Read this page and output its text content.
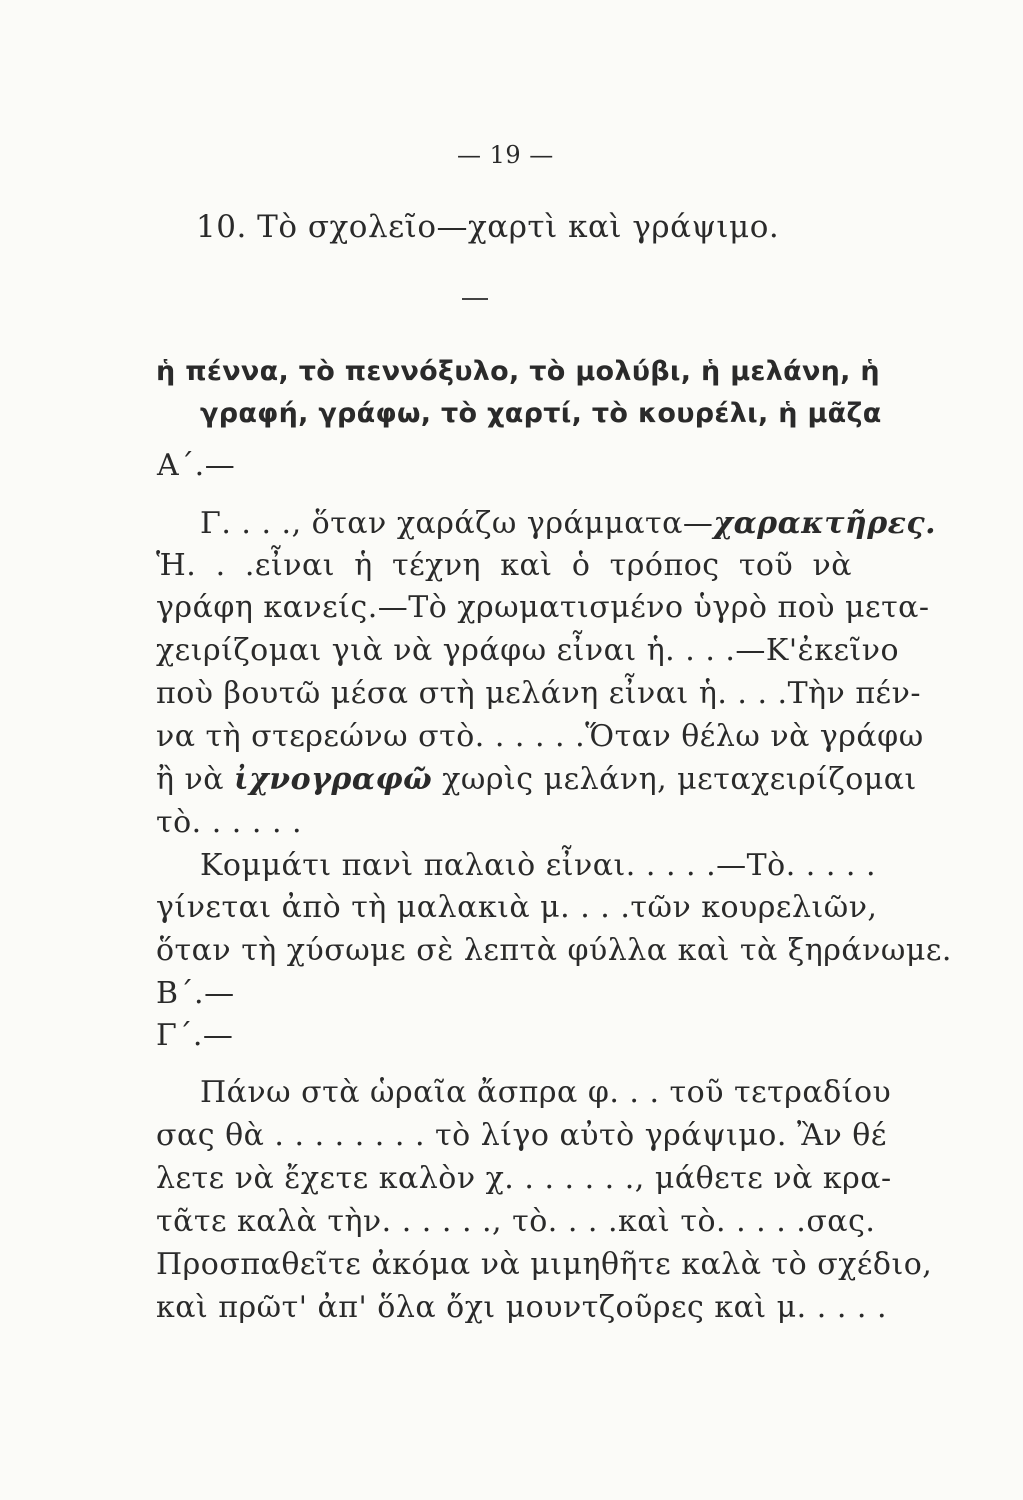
— 19 —
10. Τὸ σχολεῖο—χαρτὶ καὶ γράψιμο.
ἡ πέννα, τὸ πεννόξυλο, τὸ μολύβι, ἡ μελάνη, ἡ
γραφή, γράφω, τὸ χαρτί, τὸ κουρέλι, ἡ μᾶζα
Α΄.—
Γ. . . ., ὅταν χαράζω γράμματα—χαρακτῆρες.
Ἡ. . .εἶναι ἡ τέχνη καὶ ὁ τρόπος τοῦ νὰ
γράφη κανείς.—Τὸ χρωματισμένο ὑγρὸ ποὺ μετα-
χειρίζομαι γιὰ νὰ γράφω εἶναι ἡ. . . .—Κ'ἐκεῖνο
ποὺ βουτῶ μέσα στὴ μελάνη εἶναι ἡ. . . .Τὴν πέν-
να τὴ στερεώνω στὸ. . . . . .Ὅταν θέλω νὰ γράφω
ἢ νὰ ἰχνογραφῶ χωρὶς μελάνη, μεταχειρίζομαι
τὸ. . . . . .
Κομμάτι πανὶ παλαιὸ εἶναι. . . . .—Τὸ. . . . .
γίνεται ἀπὸ τὴ μαλακιὰ μ. . . .τῶν κουρελιῶν,
ὅταν τὴ χύσωμε σὲ λεπτὰ φύλλα καὶ τὰ ξηράνωμε.
Β΄.—
Γ΄.—
Πάνω στὰ ὡραῖα ἄσπρα φ. . . τοῦ τετραδίου
σας θὰ . . . . . . . . τὸ λίγο αὐτὸ γράψιμο. Ἂν θέ
λετε νὰ ἔχετε καλὸν χ. . . . . . ., μάθετε νὰ κρα-
τᾶτε καλὰ τὴν. . . . . ., τὸ. . . .καὶ τὸ. . . . .σας.
Προσπαθεῖτε ἀκόμα νὰ μιμηθῆτε καλὰ τὸ σχέδιο,
καὶ πρῶτ' ἀπ' ὅλα ὄχι μουντζοῦρες καὶ μ. . . . .
